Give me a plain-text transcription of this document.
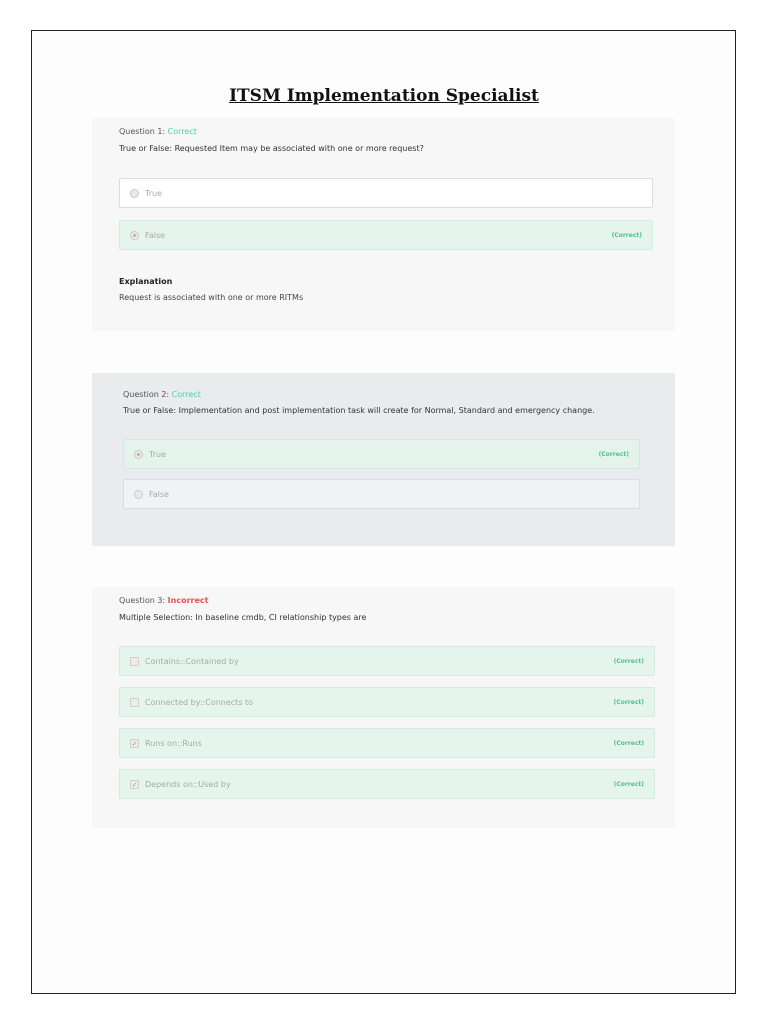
ITSM Implementation Specialist
Question 1: Correct
True or False: Requested Item may be associated with one or more request?
True
False	(Correct)
Explanation
Request is associated with one or more RITMs
Question 2: Correct
True or False: Implementation and post implementation task will create for Normal, Standard and emergency change.
True	(Correct)
False
Question 3: Incorrect
Multiple Selection: In baseline cmdb, CI relationship types are
Contains::Contained by	(Correct)
Connected by::Connects to	(Correct)
✓ Runs on::Runs	(Correct)
✓ Depends on::Used by	(Correct)
